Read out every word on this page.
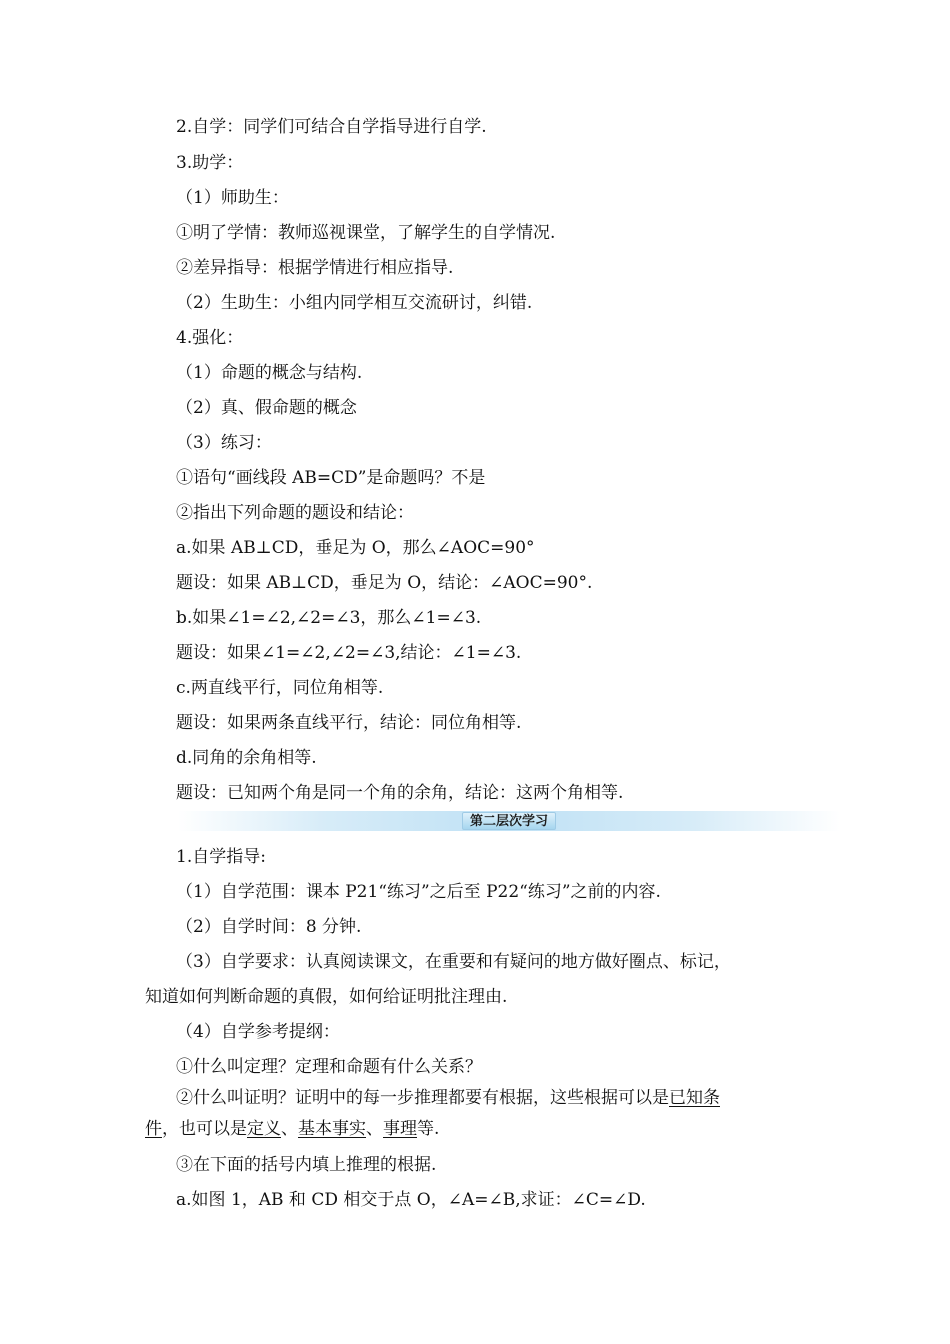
2.自学：同学们可结合自学指导进行自学.
3.助学：
（1）师助生：
①明了学情：教师巡视课堂，了解学生的自学情况.
②差异指导：根据学情进行相应指导.
（2）生助生：小组内同学相互交流研讨，纠错.
4.强化：
（1）命题的概念与结构.
（2）真、假命题的概念
（3）练习：
①语句“画线段 AB=CD”是命题吗？不是
②指出下列命题的题设和结论：
a.如果 AB⊥CD，垂足为 O，那么∠AOC=90°
题设：如果 AB⊥CD，垂足为 O，结论：∠AOC=90°.
b.如果∠1=∠2,∠2=∠3，那么∠1=∠3.
题设：如果∠1=∠2,∠2=∠3,结论：∠1=∠3.
c.两直线平行，同位角相等.
题设：如果两条直线平行，结论：同位角相等.
d.同角的余角相等.
题设：已知两个角是同一个角的余角，结论：这两个角相等.
第二层次学习
1.自学指导:
（1）自学范围：课本 P21“练习”之后至 P22“练习”之前的内容.
（2）自学时间：8 分钟.
（3）自学要求：认真阅读课文，在重要和有疑问的地方做好圈点、标记，
知道如何判断命题的真假，如何给证明批注理由.
（4）自学参考提纲：
①什么叫定理？定理和命题有什么关系？
②什么叫证明？证明中的每一步推理都要有根据，这些根据可以是已知条
件，也可以是定义、基本事实、事理等.
③在下面的括号内填上推理的根据.
a.如图 1，AB 和 CD 相交于点 O，∠A=∠B,求证：∠C=∠D.
